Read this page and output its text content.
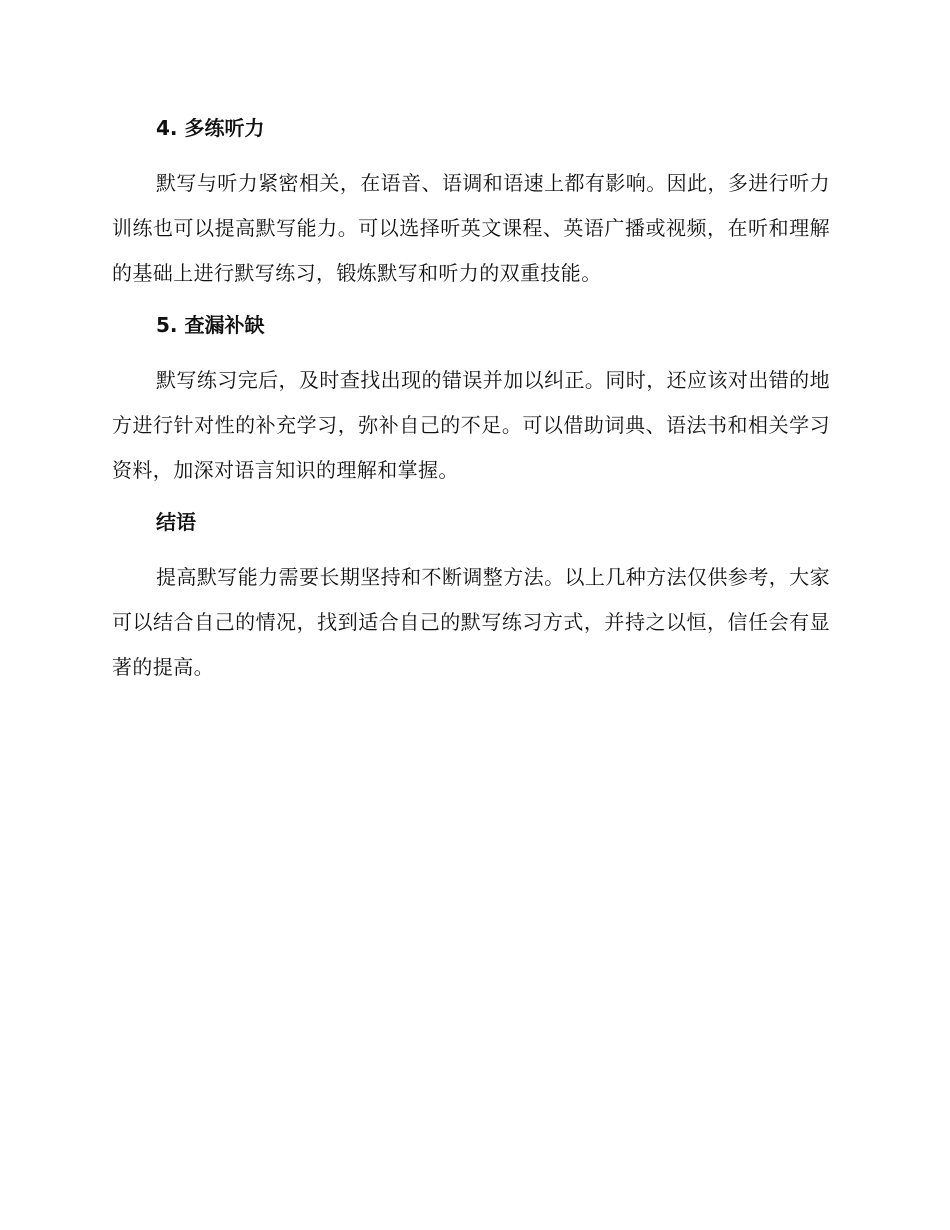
4. 多练听力

默写与听力紧密相关，在语音、语调和语速上都有影响。因此，多进行听力训练也可以提高默写能力。可以选择听英文课程、英语广播或视频，在听和理解的基础上进行默写练习，锻炼默写和听力的双重技能。

5. 查漏补缺

默写练习完后，及时查找出现的错误并加以纠正。同时，还应该对出错的地方进行针对性的补充学习，弥补自己的不足。可以借助词典、语法书和相关学习资料，加深对语言知识的理解和掌握。

结语

提高默写能力需要长期坚持和不断调整方法。以上几种方法仅供参考，大家可以结合自己的情况，找到适合自己的默写练习方式，并持之以恒，信任会有显著的提高。
